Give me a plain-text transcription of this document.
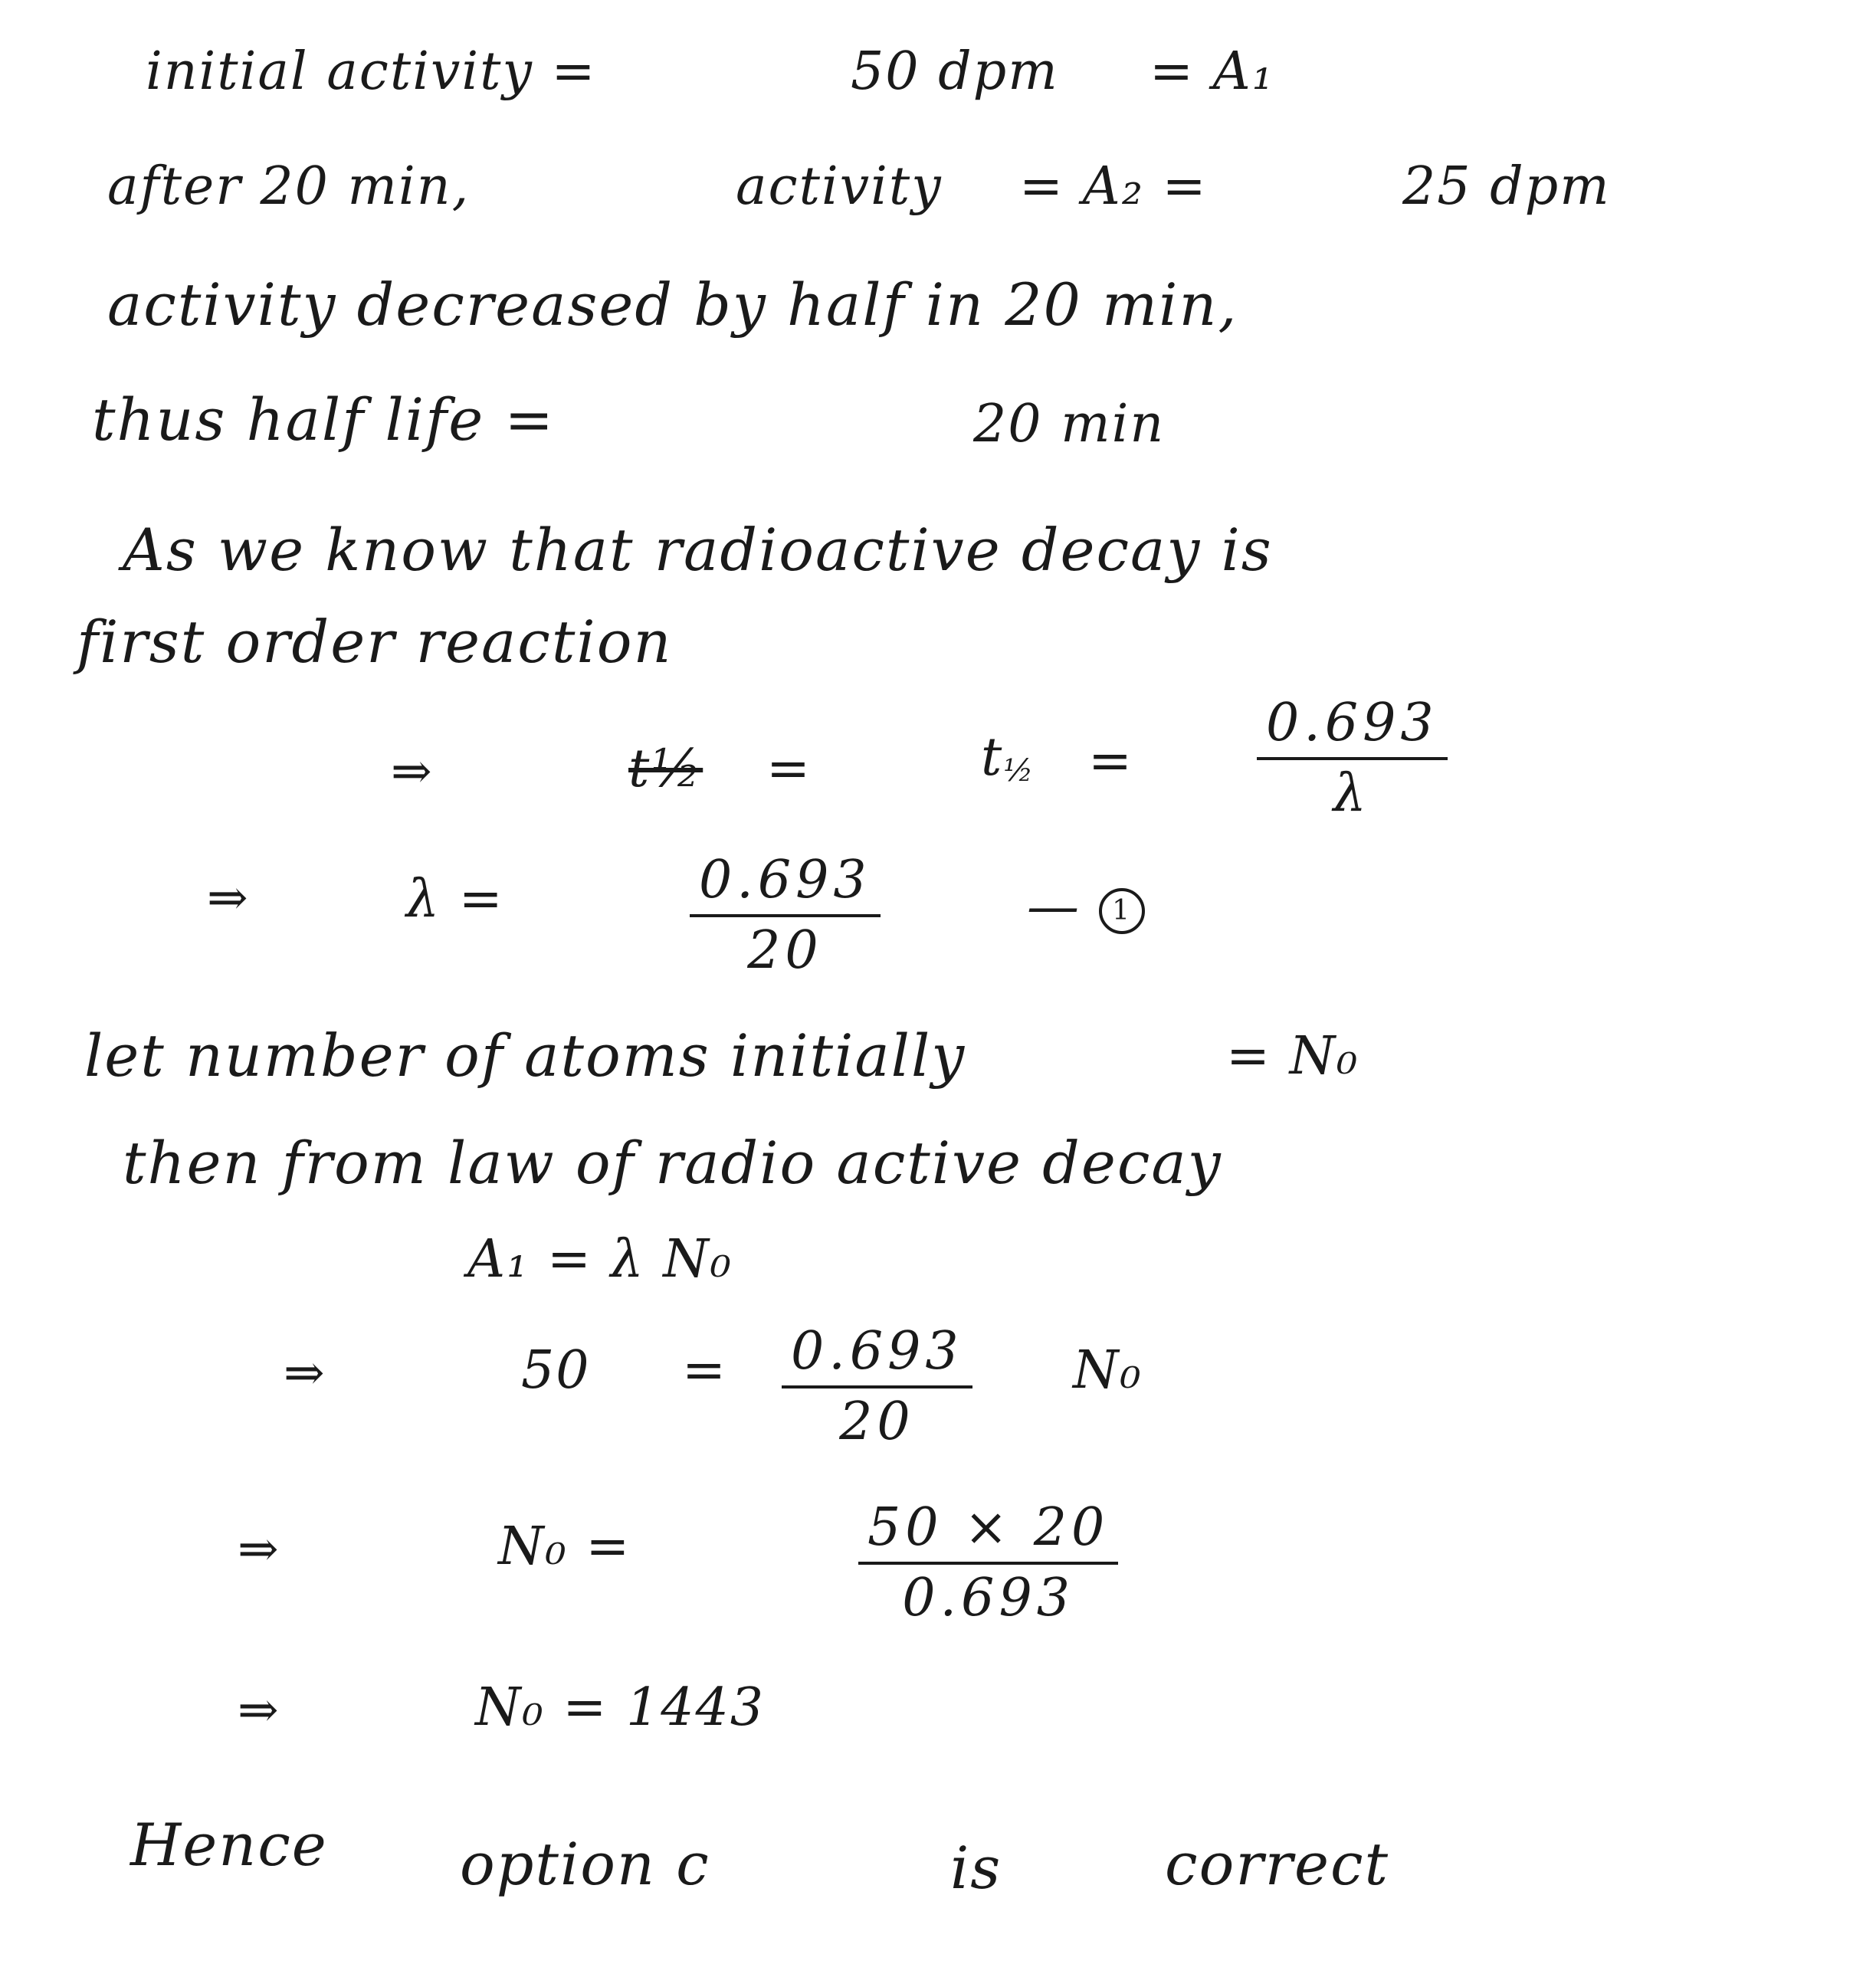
initial activity =	50 dpm = A₁
after 20 min,	activity = A₂ =	25 dpm
activity decreased by half in 20 min,
thus half life =	20 min
As we know that radioactive decay is
first order reaction
⇒	t½ =	$t_{\frac{1}{2}}$ =
0.693
λ
⇒	λ =	0.693
20
— 1
let number of atoms initially	= N₀
then from law of radio active decay
A₁ = λ N₀
⇒	50 = 0.693
20
N₀
⇒	N₀ =	50 × 20
0.693
⇒	N₀ = 1443
Hence option c	is	correct
